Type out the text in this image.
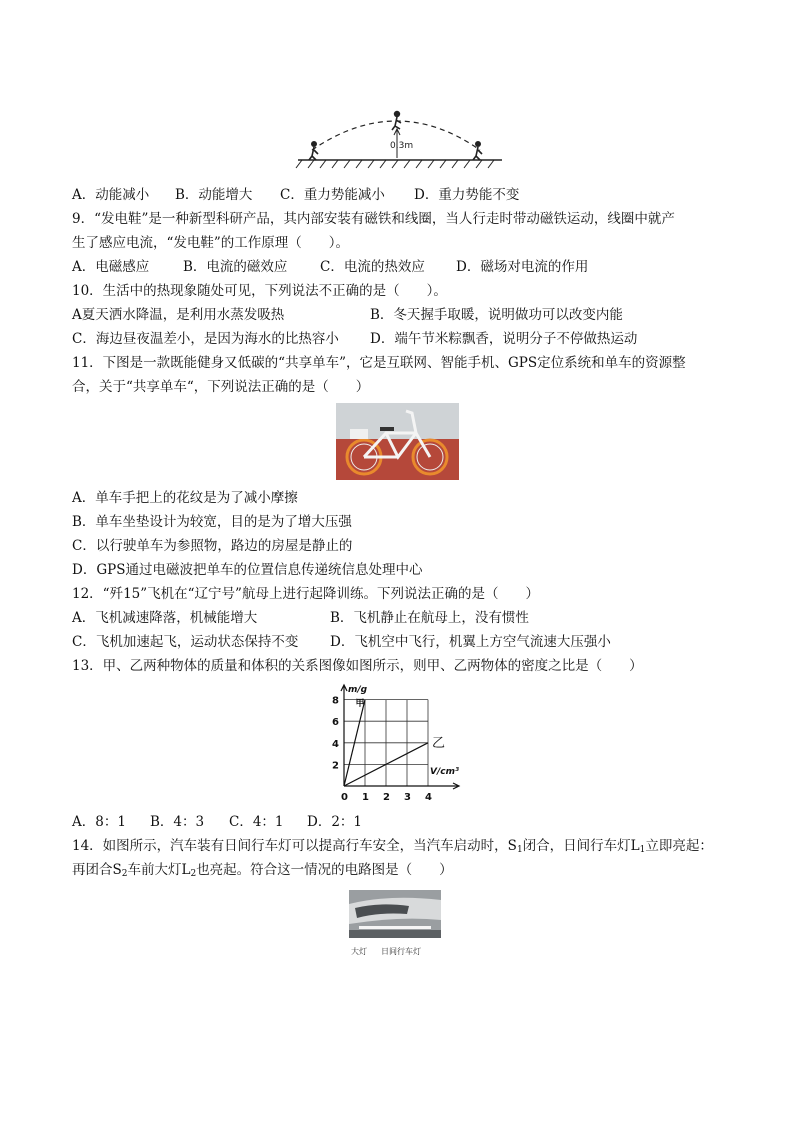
0.3m
A．动能减小 B．动能增大 C．重力势能减小 D．重力势能不变
9．“发电鞋”是一种新型科研产品，其内部安装有磁铁和线圈，当人行走时带动磁铁运动，线圈中就产
生了感应电流，“发电鞋”的工作原理（　　）。
A．电磁感应	B．电流的磁效应 C．电流的热效应 D．磁场对电流的作用
10．生活中的热现象随处可见，下列说法不正确的是（　　）。
A夏天洒水降温，是利用水蒸发吸热	B．冬天握手取暖，说明做功可以改变内能
C．海边昼夜温差小，是因为海水的比热容小 D．端午节米粽飘香，说明分子不停做热运动
11．下图是一款既能健身又低碳的“共享单车”，它是互联网、智能手机、GPS定位系统和单车的资源整
合，关于“共享单车“，下列说法正确的是（　　）
A．单车手把上的花纹是为了减小摩擦
B．单车坐垫设计为较宽，目的是为了增大压强
C．以行驶单车为参照物，路边的房屋是静止的
D．GPS通过电磁波把单车的位置信息传递统信息处理中心
12．“歼15”飞机在“辽宁号”航母上进行起降训练。下列说法正确的是（　　）
A．飞机减速降落，机械能增大	B．飞机静止在航母上，没有惯性
C．飞机加速起飞，运动状态保持不变 D．飞机空中飞行，机翼上方空气流速大压强小
13．甲、乙两种物体的质量和体积的关系图像如图所示，则甲、乙两物体的密度之比是（　　）
0 1 2 3 4
2
4
6
8
m/g
V/cm³
甲
乙
A．8：1 B．4：3 C．4：1 D．2：1
14．如图所示，汽车装有日间行车灯可以提高行车安全，当汽车启动时，$S_1$闭合，日间行车灯$L_1$立即亮起：
再团合$S_2$车前大灯$L_2$也亮起。符合这一情况的电路图是（　　）
大灯 日间行车灯
